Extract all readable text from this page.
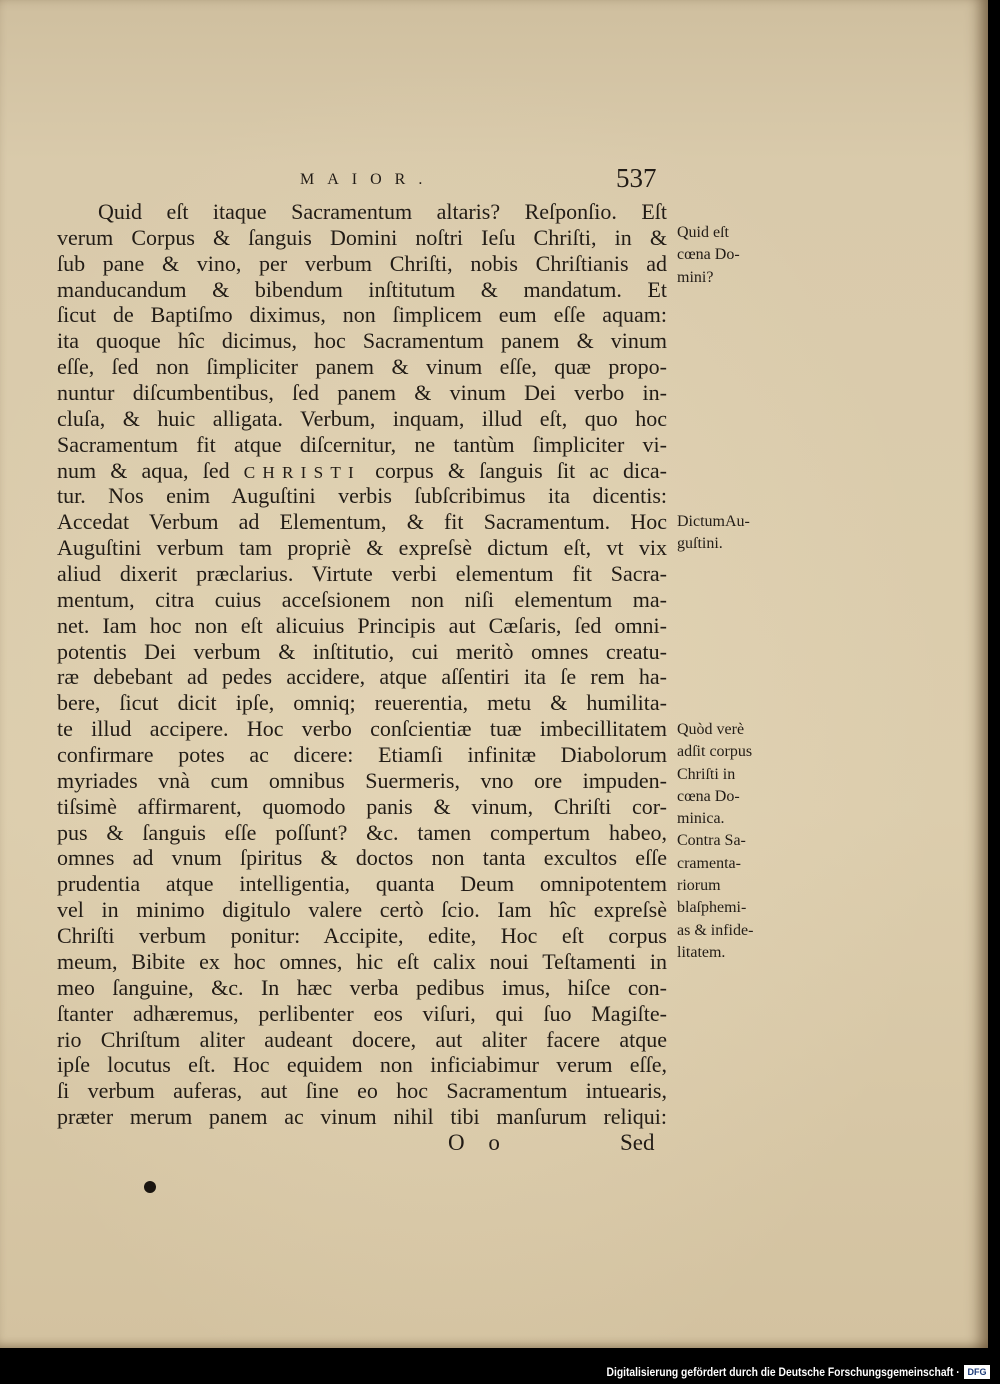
MAIOR.	537
Quid eſt itaque Sacramentum altaris? Reſponſio. Eſt
verum Corpus & ſanguis Domini noſtri Ieſu Chriſti, in &
ſub pane & vino, per verbum Chriſti, nobis Chriſtianis ad
manducandum & bibendum inſtitutum & mandatum. Et
ſicut de Baptiſmo diximus, non ſimplicem eum eſſe aquam:
ita quoque hîc dicimus, hoc Sacramentum panem & vinum
eſſe, ſed non ſimpliciter panem & vinum eſſe, quæ propo-
nuntur diſcumbentibus, ſed panem & vinum Dei verbo in-
cluſa, & huic alligata. Verbum, inquam, illud eſt, quo hoc
Sacramentum fit atque diſcernitur, ne tantùm ſimpliciter vi-
num & aqua, ſed CHRISTI corpus & ſanguis ſit ac dica-
tur. Nos enim Auguſtini verbis ſubſcribimus ita dicentis:
Accedat Verbum ad Elementum, & fit Sacramentum. Hoc
Auguſtini verbum tam propriè & expreſsè dictum eſt, vt vix
aliud dixerit præclarius. Virtute verbi elementum fit Sacra-
mentum, citra cuius acceſsionem non niſi elementum ma-
net. Iam hoc non eſt alicuius Principis aut Cæſaris, ſed omni-
potentis Dei verbum & inſtitutio, cui meritò omnes creatu-
ræ debebant ad pedes accidere, atque aſſentiri ita ſe rem ha-
bere, ſicut dicit ipſe, omniq; reuerentia, metu & humilita-
te illud accipere. Hoc verbo conſcientiæ tuæ imbecillitatem
confirmare potes ac dicere: Etiamſi infinitæ Diabolorum
myriades vnà cum omnibus Suermeris, vno ore impuden-
tiſsimè affirmarent, quomodo panis & vinum, Chriſti cor-
pus & ſanguis eſſe poſſunt? &c. tamen compertum habeo,
omnes ad vnum ſpiritus & doctos non tanta excultos eſſe
prudentia atque intelligentia, quanta Deum omnipotentem
vel in minimo digitulo valere certò ſcio. Iam hîc expreſsè
Chriſti verbum ponitur: Accipite, edite, Hoc eſt corpus
meum, Bibite ex hoc omnes, hic eſt calix noui Teſtamenti in
meo ſanguine, &c. In hæc verba pedibus imus, hiſce con-
ſtanter adhæremus, perlibenter eos viſuri, qui ſuo Magiſte-
rio Chriſtum aliter audeant docere, aut aliter facere atque
ipſe locutus eſt. Hoc equidem non inficiabimur verum eſſe,
ſi verbum auferas, aut ſine eo hoc Sacramentum intuearis,
præter merum panem ac vinum nihil tibi manſurum reliqui:
Quid eſt
cœna Do-
mini?
DictumAu-
guſtini.
Quòd verè
adſit corpus
Chriſti in
cœna Do-
minica.
Contra Sa-
cramenta-
riorum
blaſphemi-
as & infide-
litatem.
O o	Sed
Digitalisierung gefördert durch die Deutsche Forschungsgemeinschaft · DFG
